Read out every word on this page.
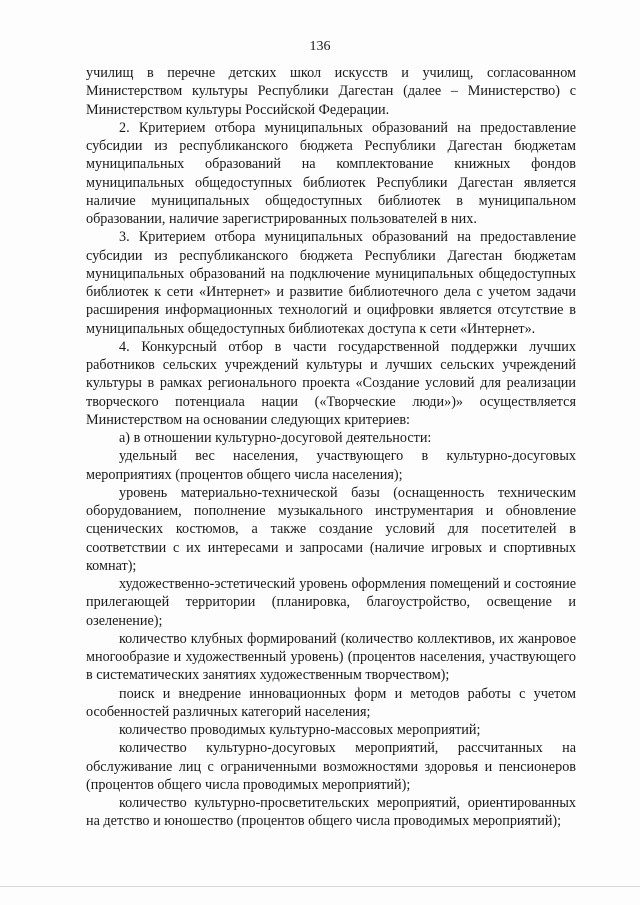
136

училищ в перечне детских школ искусств и училищ, согласованном Министерством культуры Республики Дагестан (далее – Министерство) с Министерством культуры Российской Федерации.

2. Критерием отбора муниципальных образований на предоставление субсидии из республиканского бюджета Республики Дагестан бюджетам муниципальных образований на комплектование книжных фондов муниципальных общедоступных библиотек Республики Дагестан является наличие муниципальных общедоступных библиотек в муниципальном образовании, наличие зарегистрированных пользователей в них.

3. Критерием отбора муниципальных образований на предоставление субсидии из республиканского бюджета Республики Дагестан бюджетам муниципальных образований на подключение муниципальных общедоступных библиотек к сети «Интернет» и развитие библиотечного дела с учетом задачи расширения информационных технологий и оцифровки является отсутствие в муниципальных общедоступных библиотеках доступа к сети «Интернет».

4. Конкурсный отбор в части государственной поддержки лучших работников сельских учреждений культуры и лучших сельских учреждений культуры в рамках регионального проекта «Создание условий для реализации творческого потенциала нации («Творческие люди»)» осуществляется Министерством на основании следующих критериев:

а) в отношении культурно-досуговой деятельности:

удельный вес населения, участвующего в культурно-досуговых мероприятиях (процентов общего числа населения);

уровень материально-технической базы (оснащенность техническим оборудованием, пополнение музыкального инструментария и обновление сценических костюмов, а также создание условий для посетителей в соответствии с их интересами и запросами (наличие игровых и спортивных комнат);

художественно-эстетический уровень оформления помещений и состояние прилегающей территории (планировка, благоустройство, освещение и озеленение);

количество клубных формирований (количество коллективов, их жанровое многообразие и художественный уровень) (процентов населения, участвующего в систематических занятиях художественным творчеством);

поиск и внедрение инновационных форм и методов работы с учетом особенностей различных категорий населения;

количество проводимых культурно-массовых мероприятий;

количество культурно-досуговых мероприятий, рассчитанных на обслуживание лиц с ограниченными возможностями здоровья и пенсионеров (процентов общего числа проводимых мероприятий);

количество культурно-просветительских мероприятий, ориентированных на детство и юношество (процентов общего числа проводимых мероприятий);
